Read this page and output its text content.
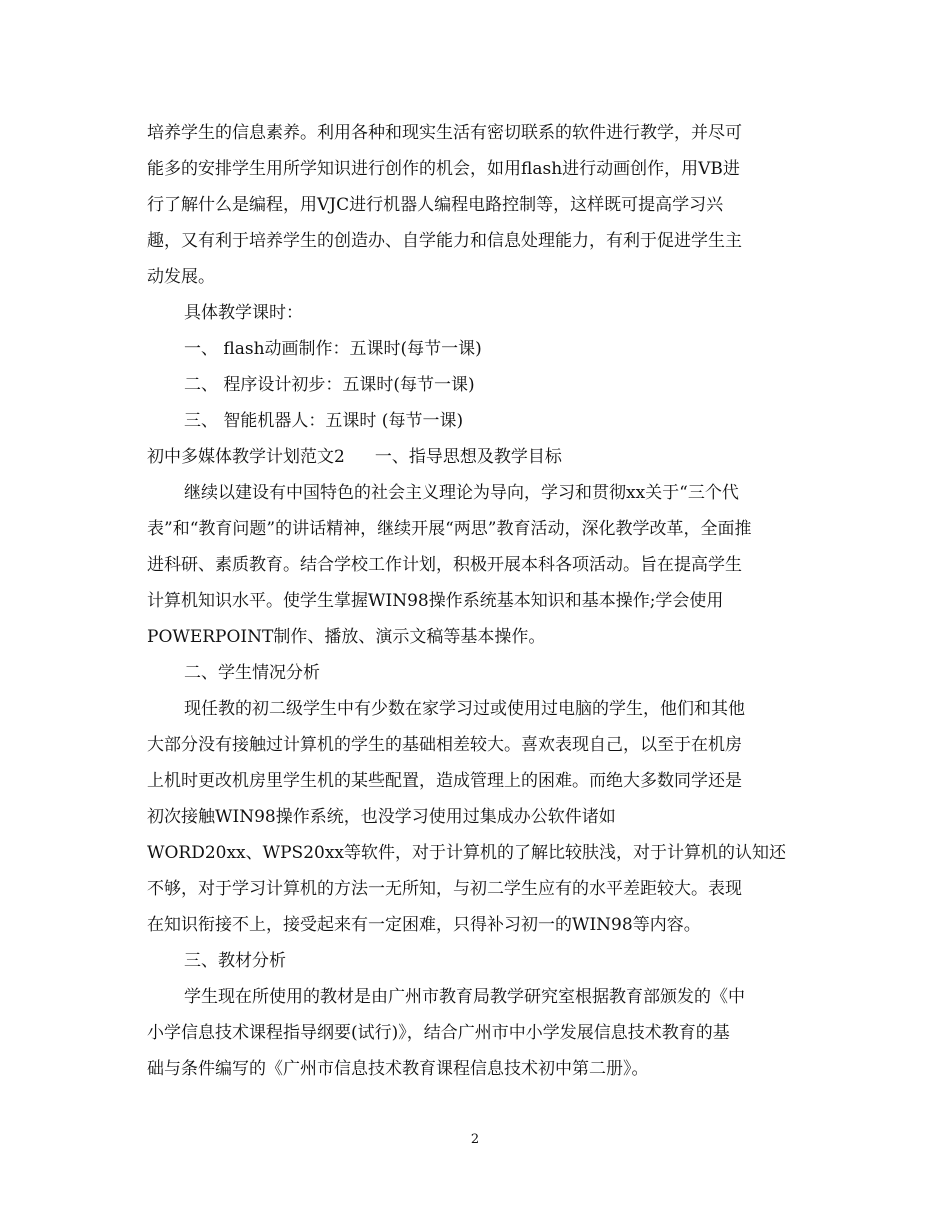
培养学生的信息素养。利用各种和现实生活有密切联系的软件进行教学，并尽可
能多的安排学生用所学知识进行创作的机会，如用flash进行动画创作，用VB进
行了解什么是编程，用VJC进行机器人编程电路控制等，这样既可提高学习兴
趣，又有利于培养学生的创造办、自学能力和信息处理能力，有利于促进学生主
动发展。
具体教学课时：
一、 flash动画制作：五课时(每节一课)
二、 程序设计初步：五课时(每节一课)
三、 智能机器人：五课时 (每节一课)
初中多媒体教学计划范文2 一、指导思想及教学目标
继续以建设有中国特色的社会主义理论为导向，学习和贯彻xx关于“三个代
表”和“教育问题”的讲话精神，继续开展“两思”教育活动，深化教学改革，全面推
进科研、素质教育。结合学校工作计划，积极开展本科各项活动。旨在提高学生
计算机知识水平。使学生掌握WIN98操作系统基本知识和基本操作;学会使用
POWERPOINT制作、播放、演示文稿等基本操作。
二、学生情况分析
现任教的初二级学生中有少数在家学习过或使用过电脑的学生，他们和其他
大部分没有接触过计算机的学生的基础相差较大。喜欢表现自己，以至于在机房
上机时更改机房里学生机的某些配置，造成管理上的困难。而绝大多数同学还是
初次接触WIN98操作系统，也没学习使用过集成办公软件诸如
WORD20xx、WPS20xx等软件，对于计算机的了解比较肤浅，对于计算机的认知还
不够，对于学习计算机的方法一无所知，与初二学生应有的水平差距较大。表现
在知识衔接不上，接受起来有一定困难，只得补习初一的WIN98等内容。
三、教材分析
学生现在所使用的教材是由广州市教育局教学研究室根据教育部颁发的《中
小学信息技术课程指导纲要(试行)》，结合广州市中小学发展信息技术教育的基
础与条件编写的《广州市信息技术教育课程信息技术初中第二册》。
2
